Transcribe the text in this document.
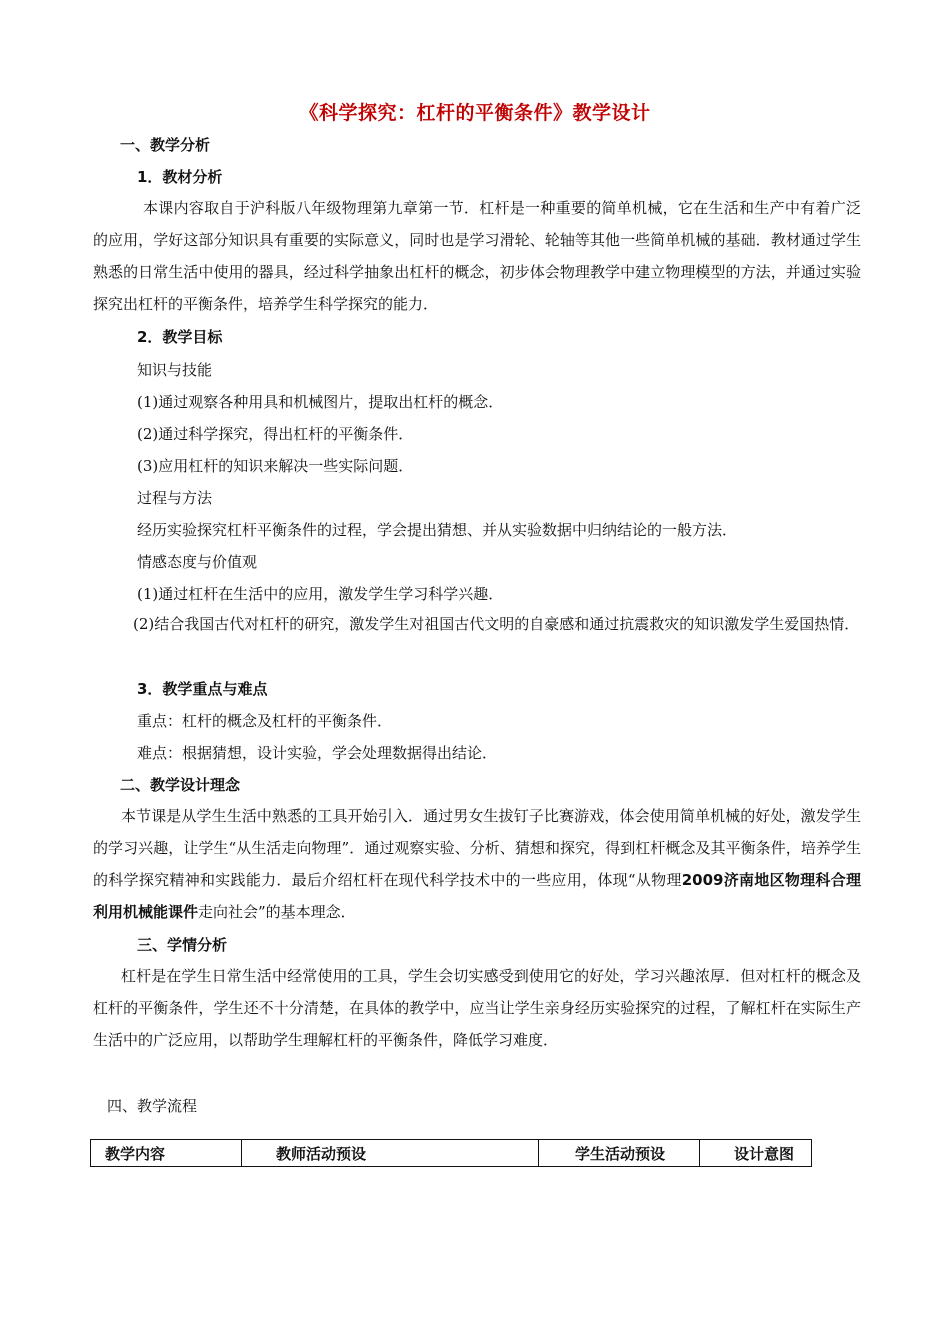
《科学探究：杠杆的平衡条件》教学设计
一、教学分析
1．教材分析
本课内容取自于沪科版八年级物理第九章第一节．杠杆是一种重要的简单机械，它在生活和生产中有着广泛的应用，学好这部分知识具有重要的实际意义，同时也是学习滑轮、轮轴等其他一些简单机械的基础．教材通过学生熟悉的日常生活中使用的器具，经过科学抽象出杠杆的概念，初步体会物理教学中建立物理模型的方法，并通过实验探究出杠杆的平衡条件，培养学生科学探究的能力．
2．教学目标
知识与技能
(1)通过观察各种用具和机械图片，提取出杠杆的概念．
(2)通过科学探究，得出杠杆的平衡条件．
(3)应用杠杆的知识来解决一些实际问题．
过程与方法
经历实验探究杠杆平衡条件的过程，学会提出猜想、并从实验数据中归纳结论的一般方法．
情感态度与价值观
(1)通过杠杆在生活中的应用，激发学生学习科学兴趣．
(2)结合我国古代对杠杆的研究，激发学生对祖国古代文明的自豪感和通过抗震救灾的知识激发学生爱国热情．
3．教学重点与难点
重点：杠杆的概念及杠杆的平衡条件．
难点：根据猜想，设计实验，学会处理数据得出结论．
二、教学设计理念
本节课是从学生生活中熟悉的工具开始引入．通过男女生拔钉子比赛游戏，体会使用简单机械的好处，激发学生的学习兴趣，让学生“从生活走向物理”．通过观察实验、分析、猜想和探究，得到杠杆概念及其平衡条件，培养学生的科学探究精神和实践能力．最后介绍杠杆在现代科学技术中的一些应用，体现“从物理2009济南地区物理科合理利用机械能课件走向社会”的基本理念．
三、学情分析
杠杆是在学生日常生活中经常使用的工具，学生会切实感受到使用它的好处，学习兴趣浓厚．但对杠杆的概念及杠杆的平衡条件，学生还不十分清楚，在具体的教学中，应当让学生亲身经历实验探究的过程，了解杠杆在实际生产生活中的广泛应用，以帮助学生理解杠杆的平衡条件，降低学习难度．
四、教学流程
教学内容	教师活动预设	学生活动预设	设计意图
